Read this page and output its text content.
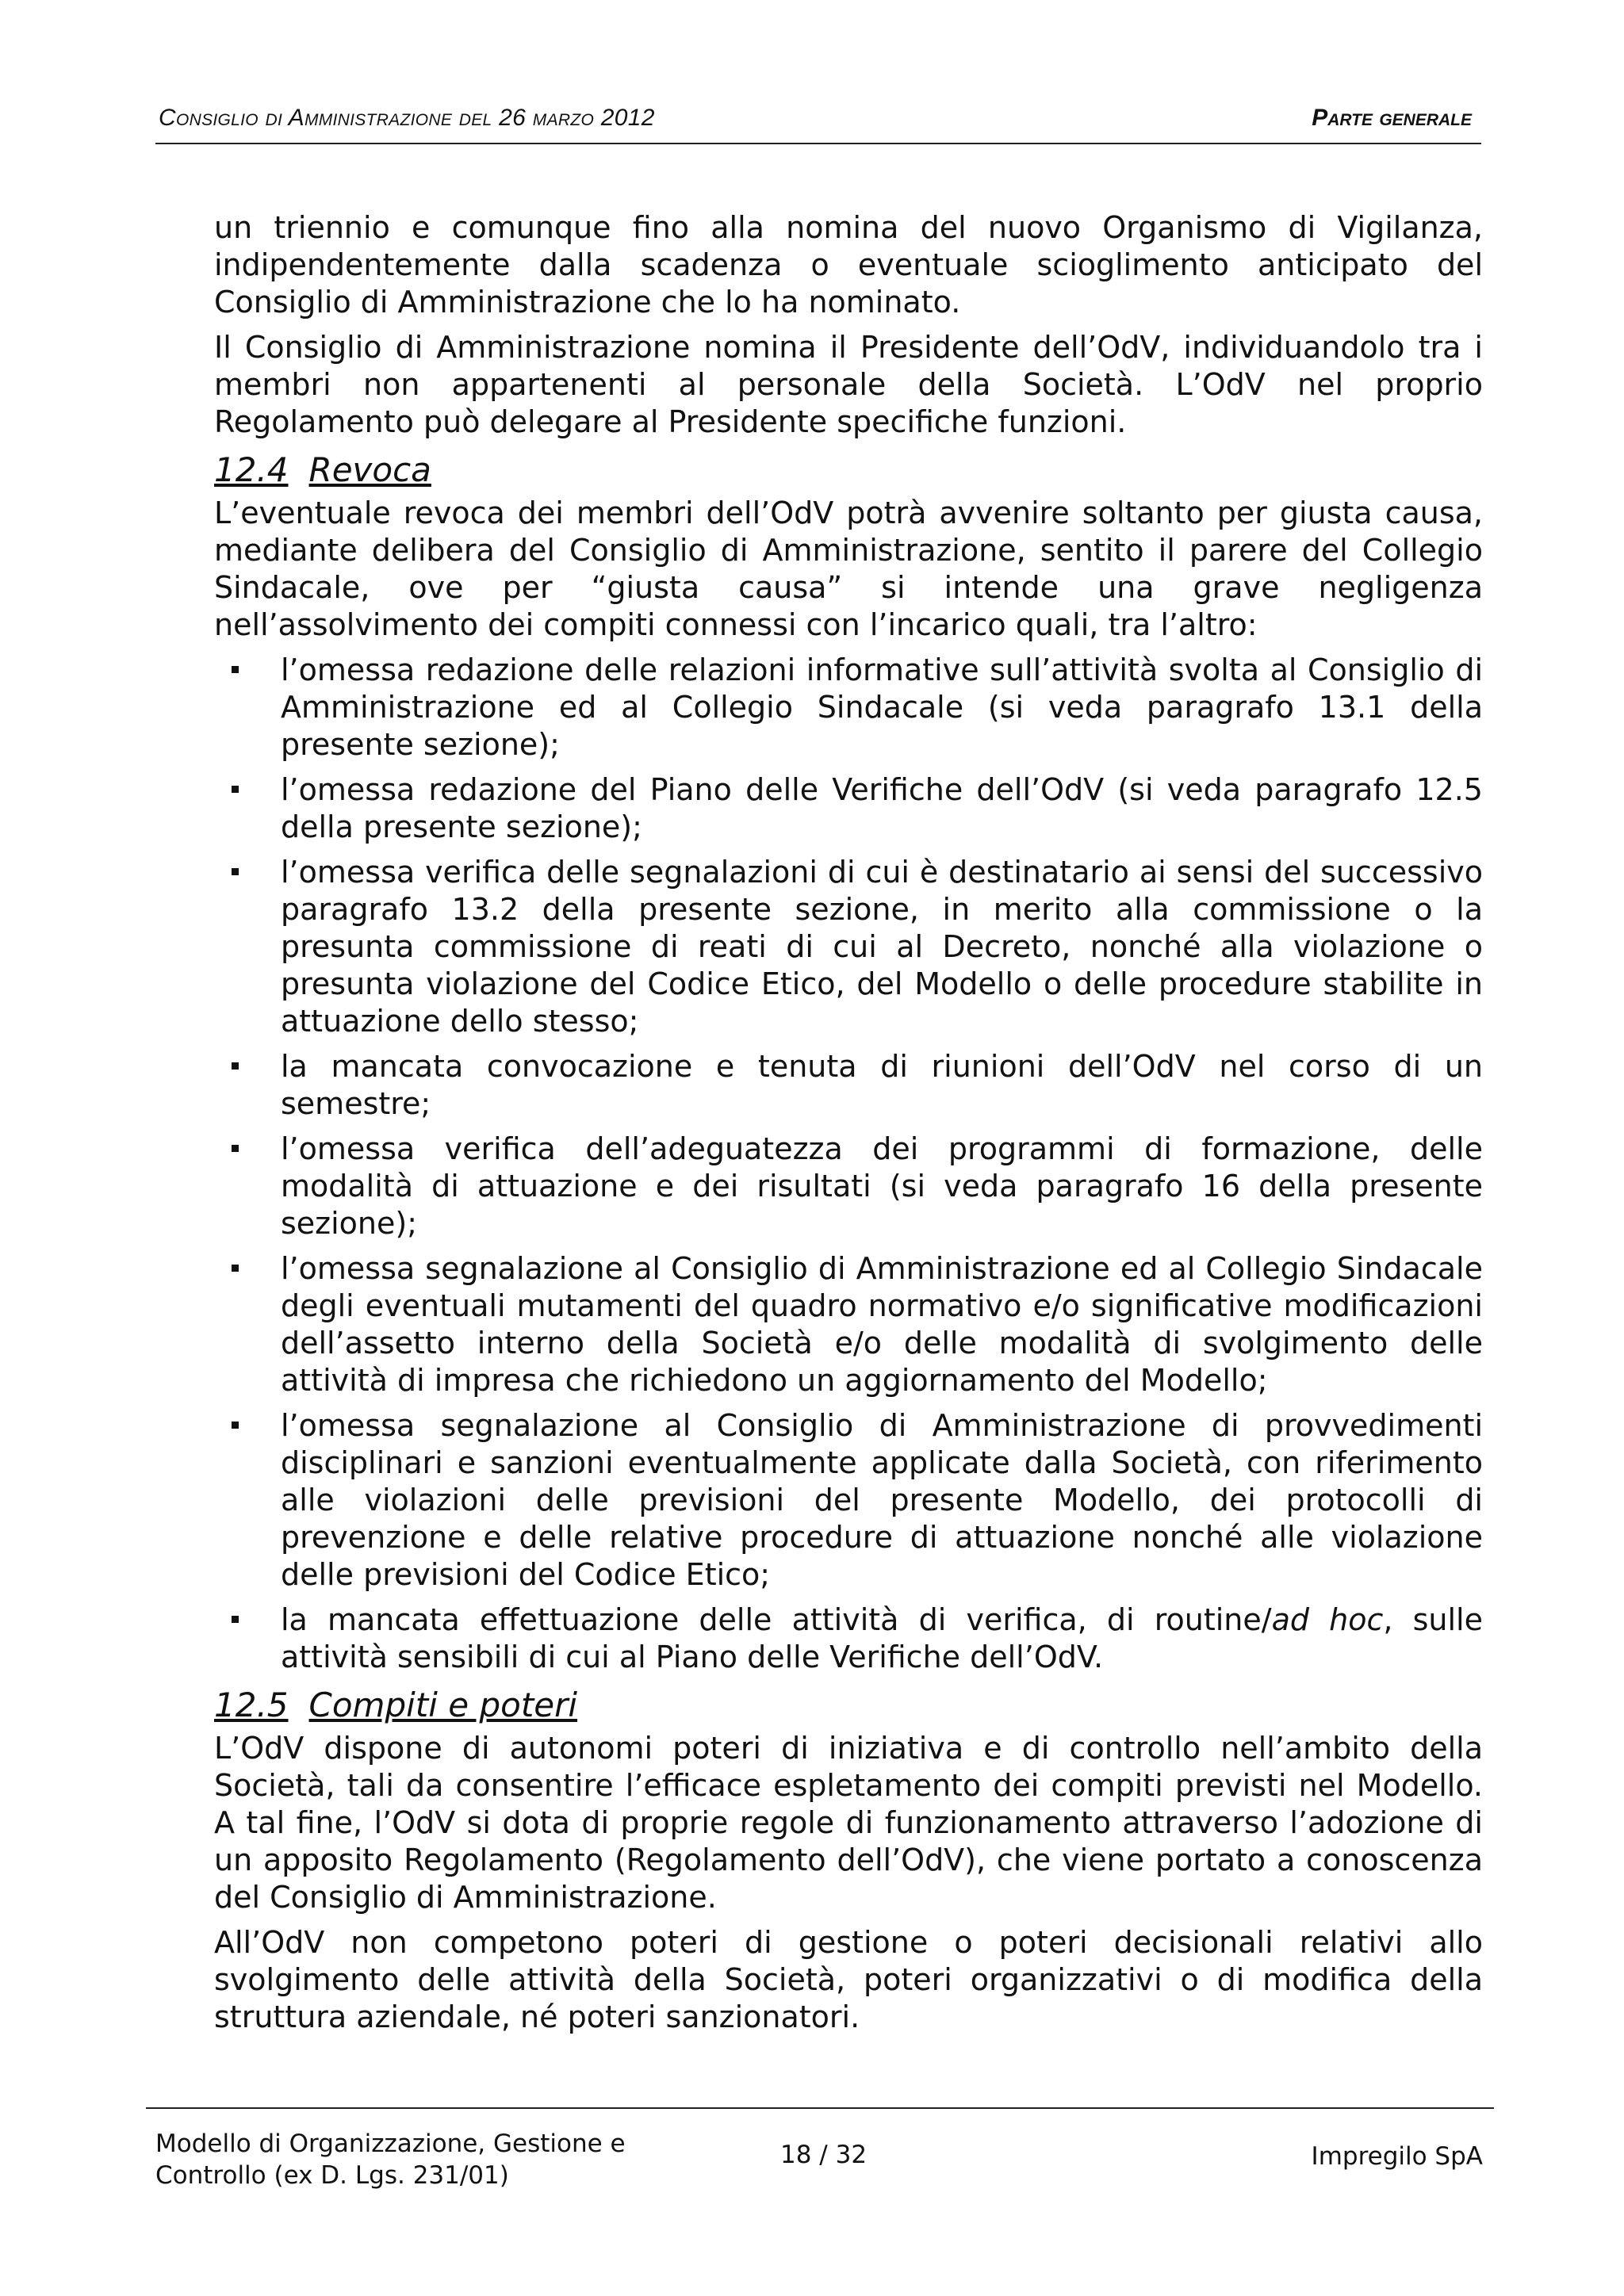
Consiglio di Amministrazione del 26 marzo 2012	Parte generale

un triennio e comunque fino alla nomina del nuovo Organismo di Vigilanza, indipendentemente dalla scadenza o eventuale scioglimento anticipato del Consiglio di Amministrazione che lo ha nominato.

Il Consiglio di Amministrazione nomina il Presidente dell’OdV, individuandolo tra i membri non appartenenti al personale della Società. L’OdV nel proprio Regolamento può delegare al Presidente specifiche funzioni.

12.4 Revoca

L’eventuale revoca dei membri dell’OdV potrà avvenire soltanto per giusta causa, mediante delibera del Consiglio di Amministrazione, sentito il parere del Collegio Sindacale, ove per “giusta causa” si intende una grave negligenza nell’assolvimento dei compiti connessi con l’incarico quali, tra l’altro:

l’omessa redazione delle relazioni informative sull’attività svolta al Consiglio di Amministrazione ed al Collegio Sindacale (si veda paragrafo 13.1 della presente sezione);
l’omessa redazione del Piano delle Verifiche dell’OdV (si veda paragrafo 12.5 della presente sezione);
l’omessa verifica delle segnalazioni di cui è destinatario ai sensi del successivo paragrafo 13.2 della presente sezione, in merito alla commissione o la presunta commissione di reati di cui al Decreto, nonché alla violazione o presunta violazione del Codice Etico, del Modello o delle procedure stabilite in attuazione dello stesso;
la mancata convocazione e tenuta di riunioni dell’OdV nel corso di un semestre;
l’omessa verifica dell’adeguatezza dei programmi di formazione, delle modalità di attuazione e dei risultati (si veda paragrafo 16 della presente sezione);
l’omessa segnalazione al Consiglio di Amministrazione ed al Collegio Sindacale degli eventuali mutamenti del quadro normativo e/o significative modificazioni dell’assetto interno della Società e/o delle modalità di svolgimento delle attività di impresa che richiedono un aggiornamento del Modello;
l’omessa segnalazione al Consiglio di Amministrazione di provvedimenti disciplinari e sanzioni eventualmente applicate dalla Società, con riferimento alle violazioni delle previsioni del presente Modello, dei protocolli di prevenzione e delle relative procedure di attuazione nonché alle violazione delle previsioni del Codice Etico;
la mancata effettuazione delle attività di verifica, di routine/ad hoc, sulle attività sensibili di cui al Piano delle Verifiche dell’OdV.
12.5 Compiti e poteri

L’OdV dispone di autonomi poteri di iniziativa e di controllo nell’ambito della Società, tali da consentire l’efficace espletamento dei compiti previsti nel Modello. A tal fine, l’OdV si dota di proprie regole di funzionamento attraverso l’adozione di un apposito Regolamento (Regolamento dell’OdV), che viene portato a conoscenza del Consiglio di Amministrazione.

All’OdV non competono poteri di gestione o poteri decisionali relativi allo svolgimento delle attività della Società, poteri organizzativi o di modifica della struttura aziendale, né poteri sanzionatori.

Modello di Organizzazione, Gestione e
Controllo (ex D. Lgs. 231/01)
18 / 32	Impregilo SpA
